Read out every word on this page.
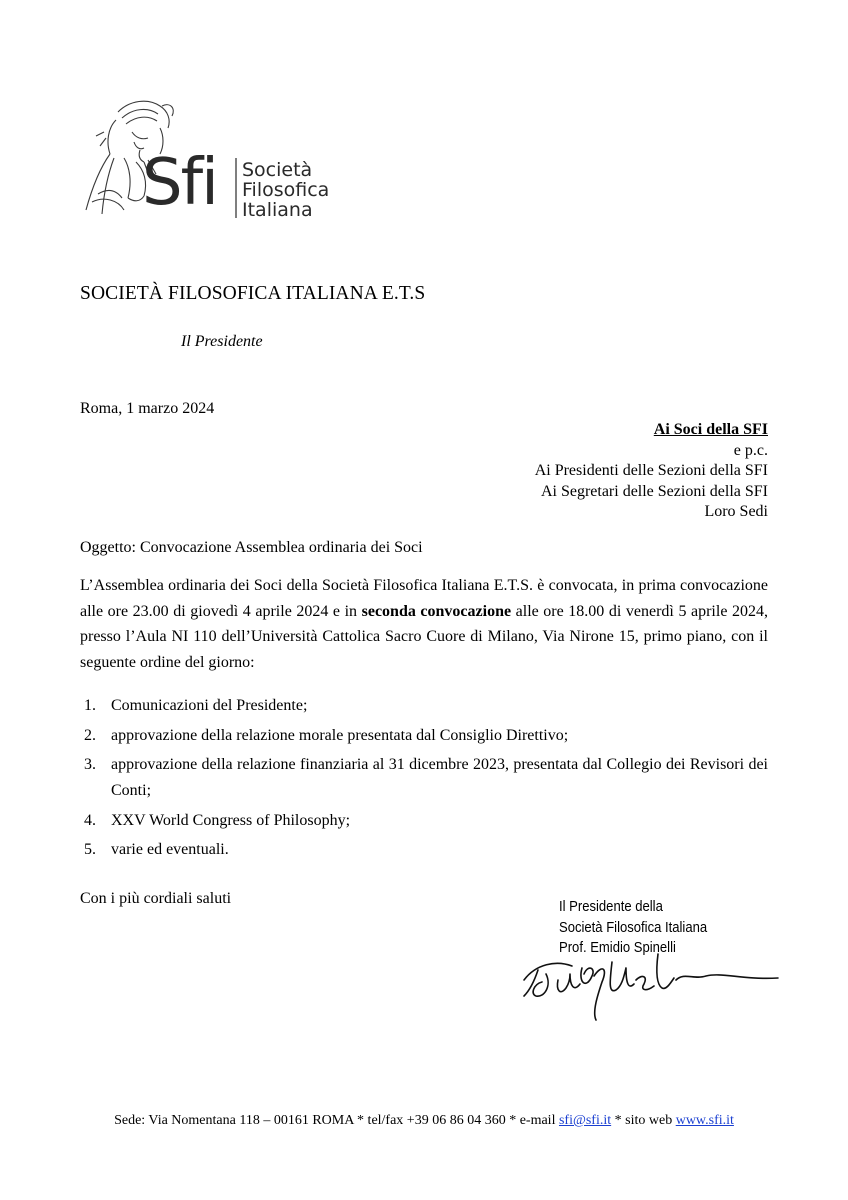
Sfi Società
Filosofica
Italiana
SOCIETÀ FILOSOFICA ITALIANA E.T.S
Il Presidente
Roma, 1 marzo 2024
Ai Soci della SFI
e p.c.
Ai Presidenti delle Sezioni della SFI
Ai Segretari delle Sezioni della SFI
Loro Sedi
Oggetto: Convocazione Assemblea ordinaria dei Soci
L’Assemblea ordinaria dei Soci della Società Filosofica Italiana E.T.S. è convocata, in prima convocazione alle ore 23.00 di giovedì 4 aprile 2024 e in seconda convocazione alle ore 18.00 di venerdì 5 aprile 2024, presso l’Aula NI 110 dell’Università Cattolica Sacro Cuore di Milano, Via Nirone 15, primo piano, con il seguente ordine del giorno:
1. Comunicazioni del Presidente;
2. approvazione della relazione morale presentata dal Consiglio Direttivo;
3. approvazione della relazione finanziaria al 31 dicembre 2023, presentata dal Collegio dei Revisori dei Conti;
4. XXV World Congress of Philosophy;
5. varie ed eventuali.
Con i più cordiali saluti	Il Presidente della
Società Filosofica Italiana
Prof. Emidio Spinelli
Sede: Via Nomentana 118 – 00161 ROMA * tel/fax +39 06 86 04 360 * e-mail sfi@sfi.it * sito web www.sfi.it
